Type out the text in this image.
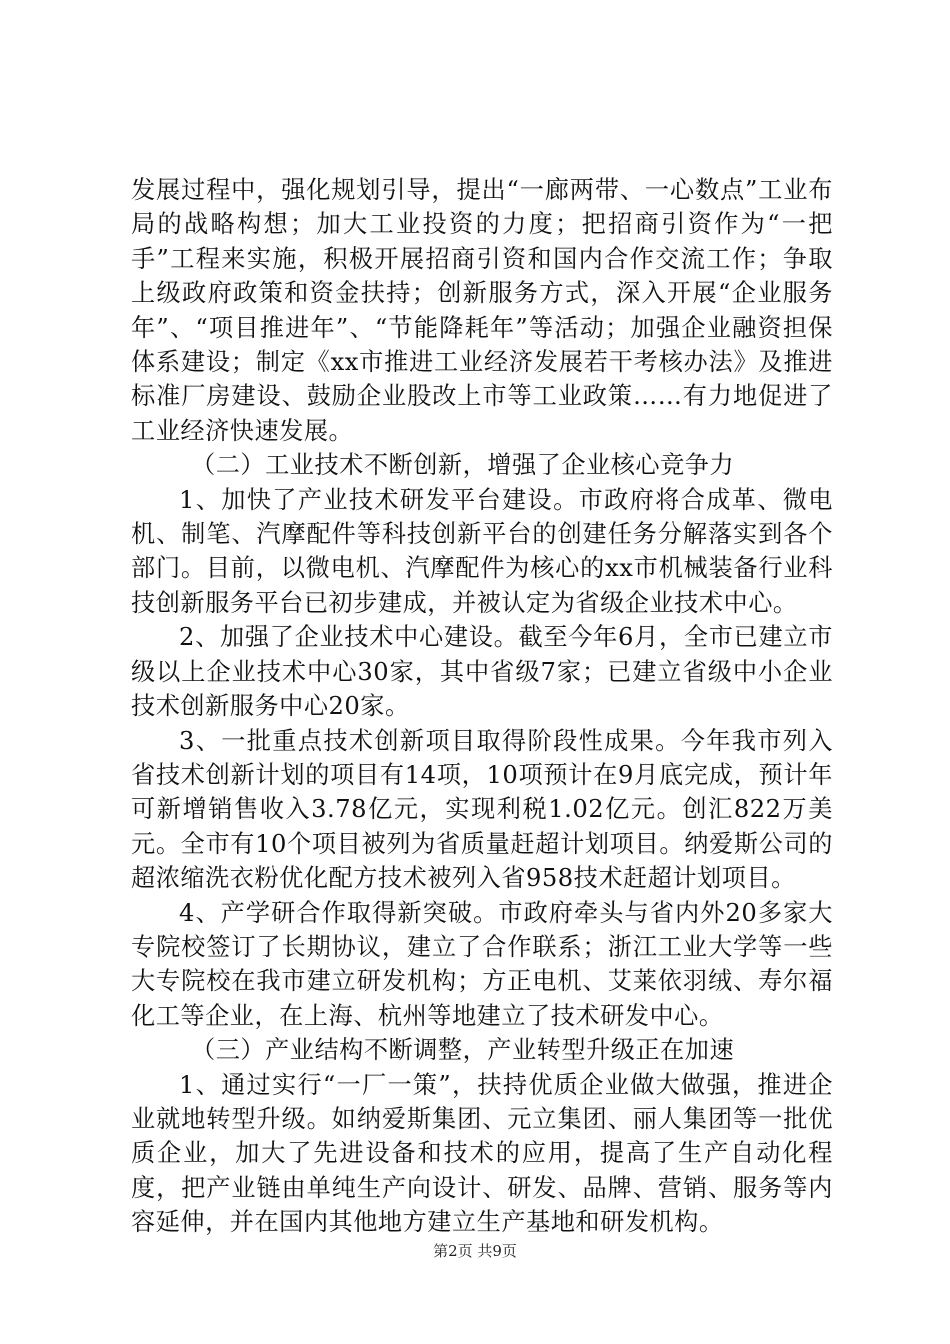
发展过程中，强化规划引导，提出“一廊两带、一心数点”工业布局的战略构想；加大工业投资的力度；把招商引资作为“一把手”工程来实施，积极开展招商引资和国内合作交流工作；争取上级政府政策和资金扶持；创新服务方式，深入开展“企业服务年”、“项目推进年”、“节能降耗年”等活动；加强企业融资担保体系建设；制定《xx市推进工业经济发展若干考核办法》及推进标准厂房建设、鼓励企业股改上市等工业政策……有力地促进了工业经济快速发展。

（二）工业技术不断创新，增强了企业核心竞争力

1、加快了产业技术研发平台建设。市政府将合成革、微电机、制笔、汽摩配件等科技创新平台的创建任务分解落实到各个部门。目前，以微电机、汽摩配件为核心的xx市机械装备行业科技创新服务平台已初步建成，并被认定为省级企业技术中心。

2、加强了企业技术中心建设。截至今年6月，全市已建立市级以上企业技术中心30家，其中省级7家；已建立省级中小企业技术创新服务中心20家。

3、一批重点技术创新项目取得阶段性成果。今年我市列入省技术创新计划的项目有14项，10项预计在9月底完成，预计年可新增销售收入3.78亿元，实现利税1.02亿元。创汇822万美元。全市有10个项目被列为省质量赶超计划项目。纳爱斯公司的超浓缩洗衣粉优化配方技术被列入省958技术赶超计划项目。

4、产学研合作取得新突破。市政府牵头与省内外20多家大专院校签订了长期协议，建立了合作联系；浙江工业大学等一些大专院校在我市建立研发机构；方正电机、艾莱依羽绒、寿尔福化工等企业，在上海、杭州等地建立了技术研发中心。

（三）产业结构不断调整，产业转型升级正在加速

1、通过实行“一厂一策”，扶持优质企业做大做强，推进企业就地转型升级。如纳爱斯集团、元立集团、丽人集团等一批优质企业，加大了先进设备和技术的应用，提高了生产自动化程度，把产业链由单纯生产向设计、研发、品牌、营销、服务等内容延伸，并在国内其他地方建立生产基地和研发机构。

第2页 共9页
